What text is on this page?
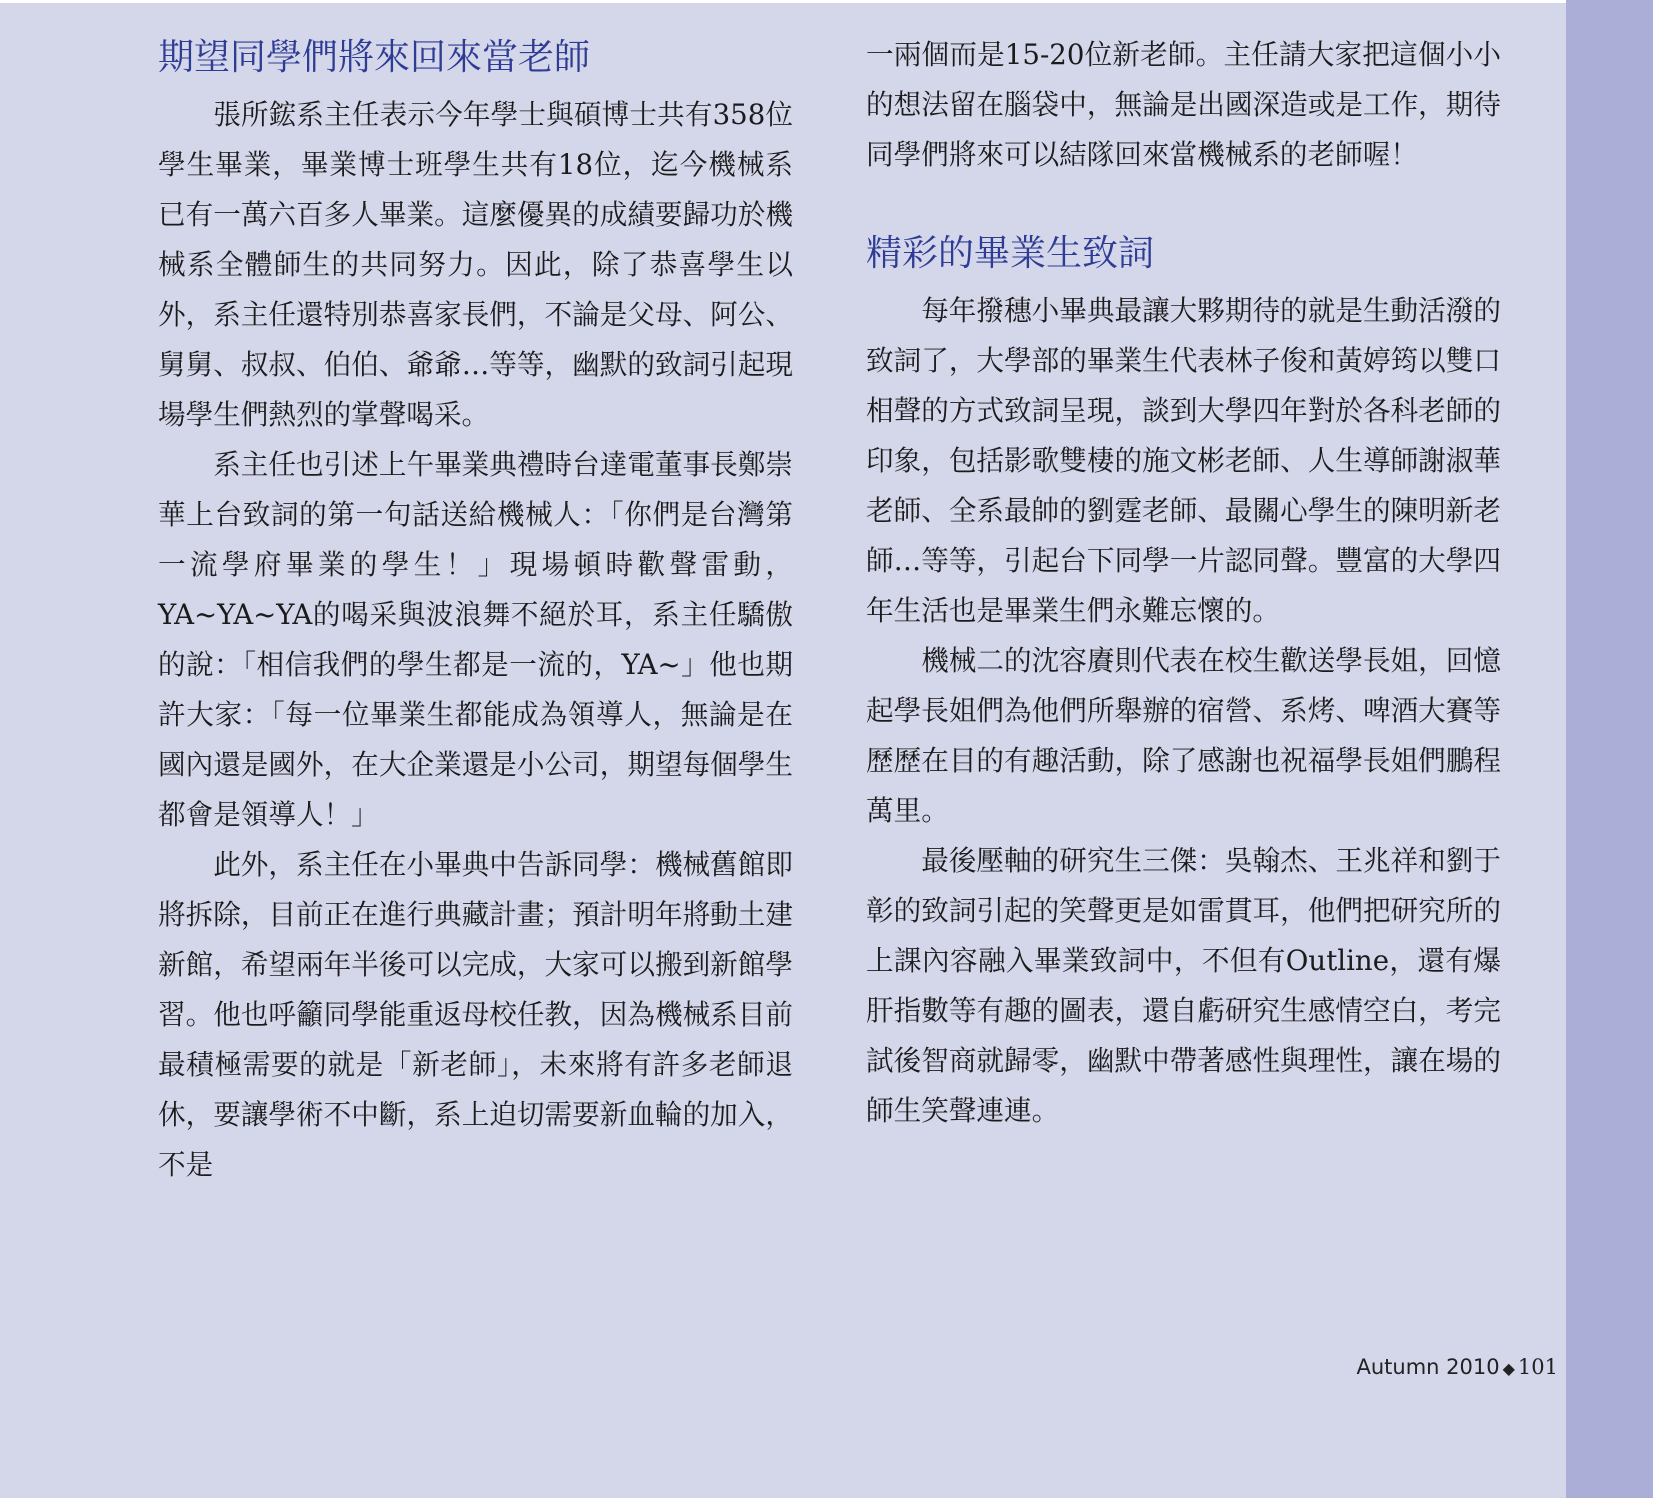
期望同學們將來回來當老師

張所鋐系主任表示今年學士與碩博士共有358位學生畢業，畢業博士班學生共有18位，迄今機械系已有一萬六百多人畢業。這麼優異的成績要歸功於機械系全體師生的共同努力。因此，除了恭喜學生以外，系主任還特別恭喜家長們，不論是父母、阿公、舅舅、叔叔、伯伯、爺爺…等等，幽默的致詞引起現場學生們熱烈的掌聲喝采。

系主任也引述上午畢業典禮時台達電董事長鄭崇華上台致詞的第一句話送給機械人：「你們是台灣第一流學府畢業的學生！」現場頓時歡聲雷動，YA~YA~YA的喝采與波浪舞不絕於耳，系主任驕傲的說：「相信我們的學生都是一流的，YA~」他也期許大家：「每一位畢業生都能成為領導人，無論是在國內還是國外，在大企業還是小公司，期望每個學生都會是領導人！」

此外，系主任在小畢典中告訴同學：機械舊館即將拆除，目前正在進行典藏計畫；預計明年將動土建新館，希望兩年半後可以完成，大家可以搬到新館學習。他也呼籲同學能重返母校任教，因為機械系目前最積極需要的就是「新老師」，未來將有許多老師退休，要讓學術不中斷，系上迫切需要新血輪的加入，不是

一兩個而是15-20位新老師。主任請大家把這個小小的想法留在腦袋中，無論是出國深造或是工作，期待同學們將來可以結隊回來當機械系的老師喔！

精彩的畢業生致詞

每年撥穗小畢典最讓大夥期待的就是生動活潑的致詞了，大學部的畢業生代表林子俊和黃婷筠以雙口相聲的方式致詞呈現，談到大學四年對於各科老師的印象，包括影歌雙棲的施文彬老師、人生導師謝淑華老師、全系最帥的劉霆老師、最關心學生的陳明新老師…等等，引起台下同學一片認同聲。豐富的大學四年生活也是畢業生們永難忘懷的。

機械二的沈容賡則代表在校生歡送學長姐，回憶起學長姐們為他們所舉辦的宿營、系烤、啤酒大賽等歷歷在目的有趣活動，除了感謝也祝福學長姐們鵬程萬里。

最後壓軸的研究生三傑：吳翰杰、王兆祥和劉于彰的致詞引起的笑聲更是如雷貫耳，他們把研究所的上課內容融入畢業致詞中，不但有Outline，還有爆肝指數等有趣的圖表，還自虧研究生感情空白，考完試後智商就歸零，幽默中帶著感性與理性，讓在場的師生笑聲連連。

Autumn 2010 ◆ 101
